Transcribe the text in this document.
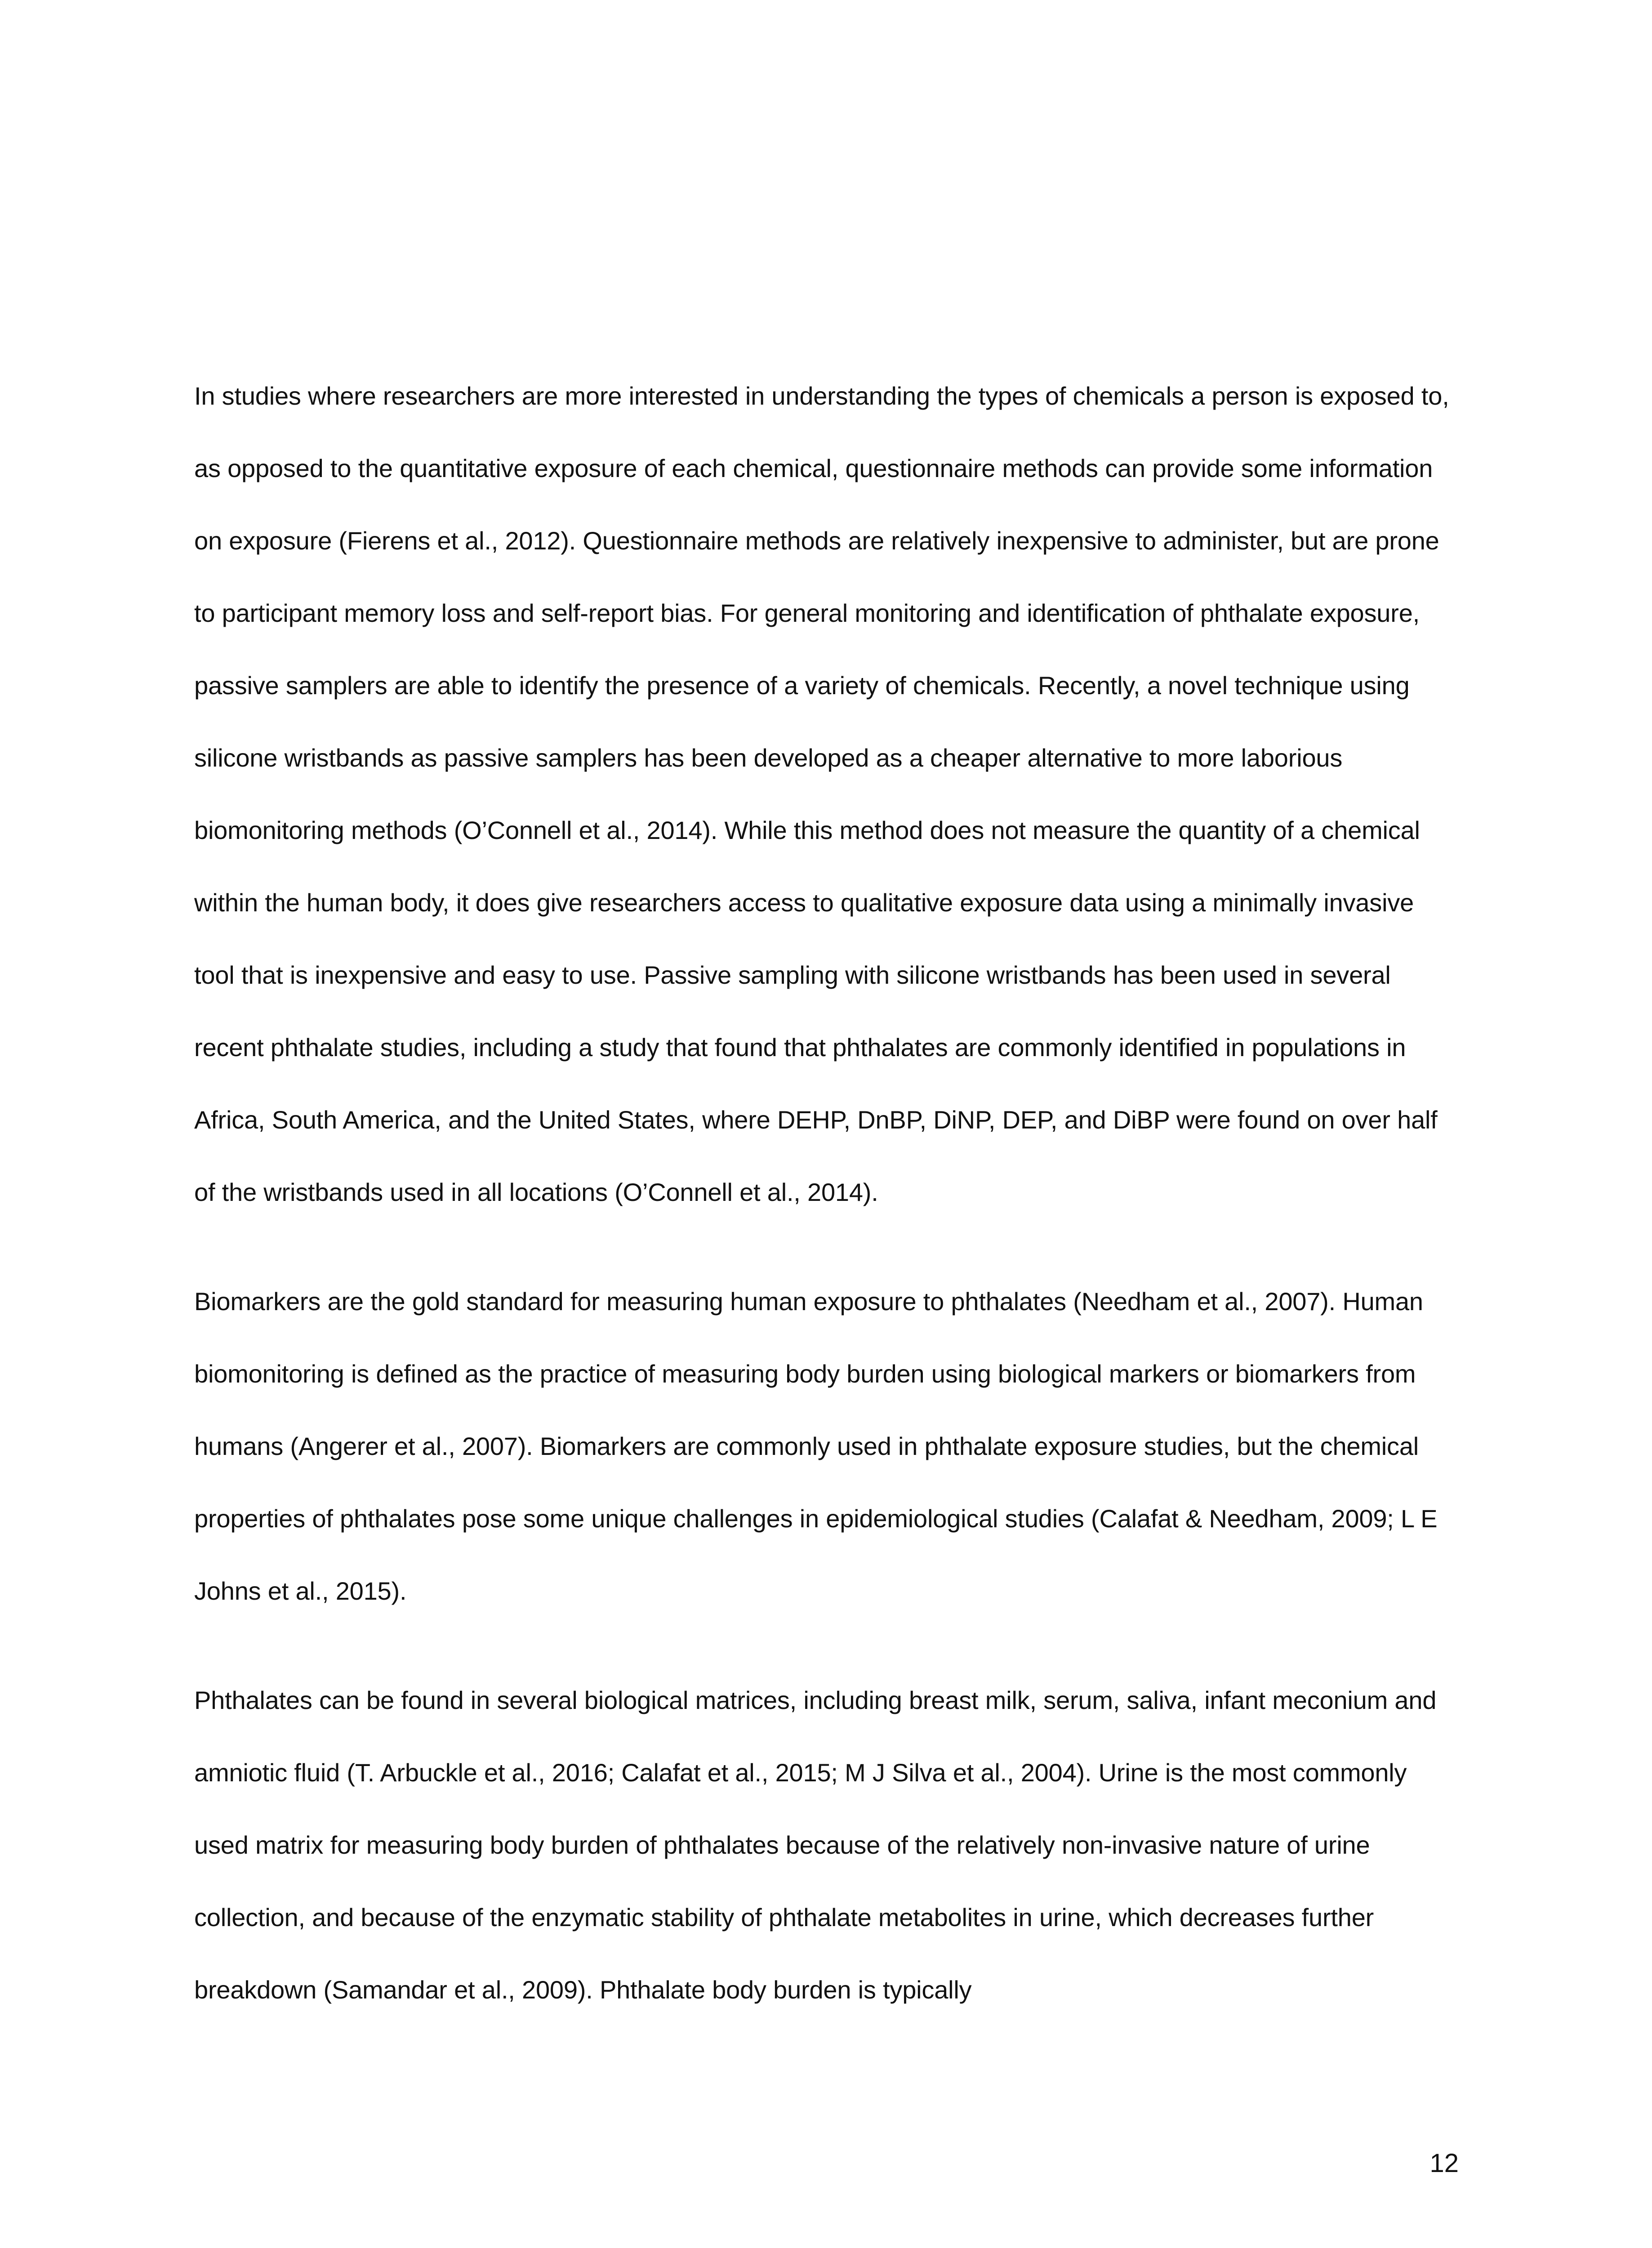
In studies where researchers are more interested in understanding the types of chemicals a person is exposed to, as opposed to the quantitative exposure of each chemical, questionnaire methods can provide some information on exposure (Fierens et al., 2012). Questionnaire methods are relatively inexpensive to administer, but are prone to participant memory loss and self-report bias. For general monitoring and identification of phthalate exposure, passive samplers are able to identify the presence of a variety of chemicals. Recently, a novel technique using silicone wristbands as passive samplers has been developed as a cheaper alternative to more laborious biomonitoring methods (O’Connell et al., 2014). While this method does not measure the quantity of a chemical within the human body, it does give researchers access to qualitative exposure data using a minimally invasive tool that is inexpensive and easy to use. Passive sampling with silicone wristbands has been used in several recent phthalate studies, including a study that found that phthalates are commonly identified in populations in Africa, South America, and the United States, where DEHP, DnBP, DiNP, DEP, and DiBP were found on over half of the wristbands used in all locations (O’Connell et al., 2014).

Biomarkers are the gold standard for measuring human exposure to phthalates (Needham et al., 2007). Human biomonitoring is defined as the practice of measuring body burden using biological markers or biomarkers from humans (Angerer et al., 2007). Biomarkers are commonly used in phthalate exposure studies, but the chemical properties of phthalates pose some unique challenges in epidemiological studies (Calafat & Needham, 2009; L E Johns et al., 2015).

Phthalates can be found in several biological matrices, including breast milk, serum, saliva, infant meconium and amniotic fluid (T. Arbuckle et al., 2016; Calafat et al., 2015; M J Silva et al., 2004). Urine is the most commonly used matrix for measuring body burden of phthalates because of the relatively non-invasive nature of urine collection, and because of the enzymatic stability of phthalate metabolites in urine, which decreases further breakdown (Samandar et al., 2009). Phthalate body burden is typically

12
